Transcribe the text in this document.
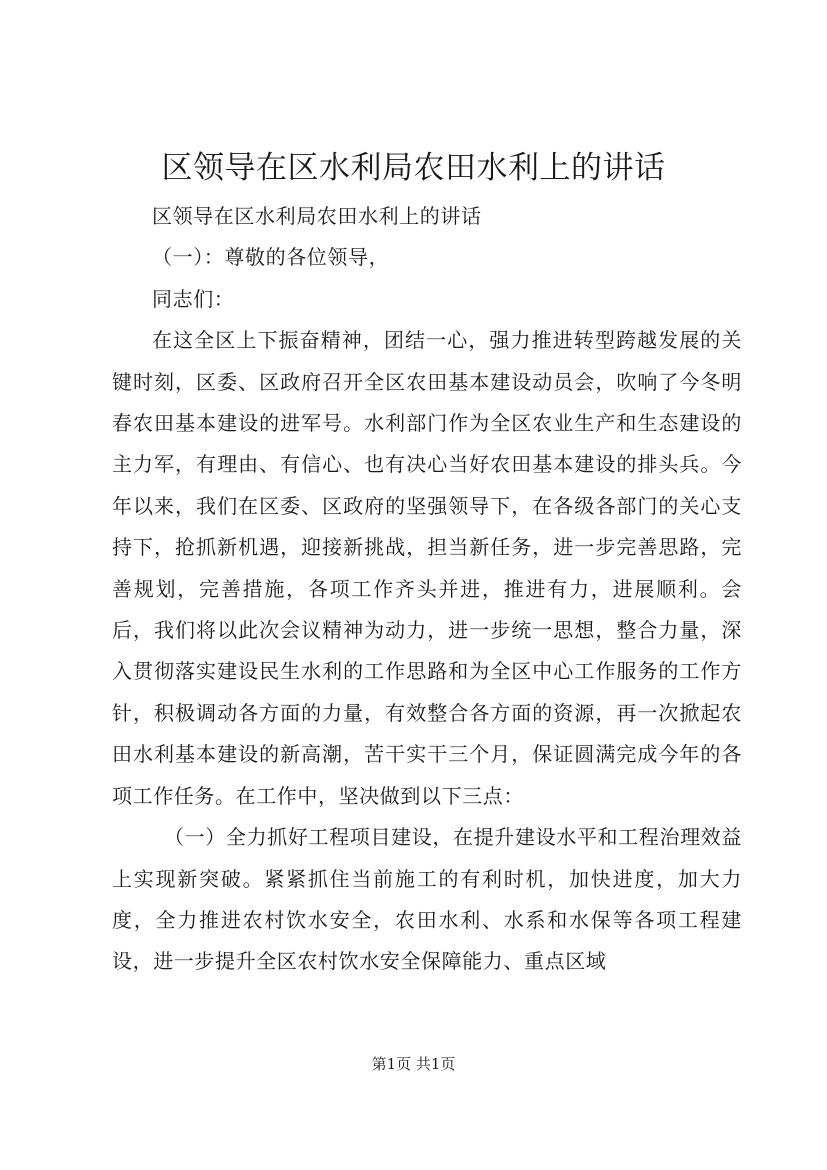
区领导在区水利局农田水利上的讲话

区领导在区水利局农田水利上的讲话

（一）：尊敬的各位领导，

同志们：

在这全区上下振奋精神，团结一心，强力推进转型跨越发展的关键时刻，区委、区政府召开全区农田基本建设动员会，吹响了今冬明春农田基本建设的进军号。水利部门作为全区农业生产和生态建设的主力军，有理由、有信心、也有决心当好农田基本建设的排头兵。今年以来，我们在区委、区政府的坚强领导下，在各级各部门的关心支持下，抢抓新机遇，迎接新挑战，担当新任务，进一步完善思路，完善规划，完善措施，各项工作齐头并进，推进有力，进展顺利。会后，我们将以此次会议精神为动力，进一步统一思想，整合力量，深入贯彻落实建设民生水利的工作思路和为全区中心工作服务的工作方针，积极调动各方面的力量，有效整合各方面的资源，再一次掀起农田水利基本建设的新高潮，苦干实干三个月，保证圆满完成今年的各项工作任务。在工作中，坚决做到以下三点：

（一）全力抓好工程项目建设，在提升建设水平和工程治理效益上实现新突破。紧紧抓住当前施工的有利时机，加快进度，加大力度，全力推进农村饮水安全，农田水利、水系和水保等各项工程建设，进一步提升全区农村饮水安全保障能力、重点区域

第1页 共1页
